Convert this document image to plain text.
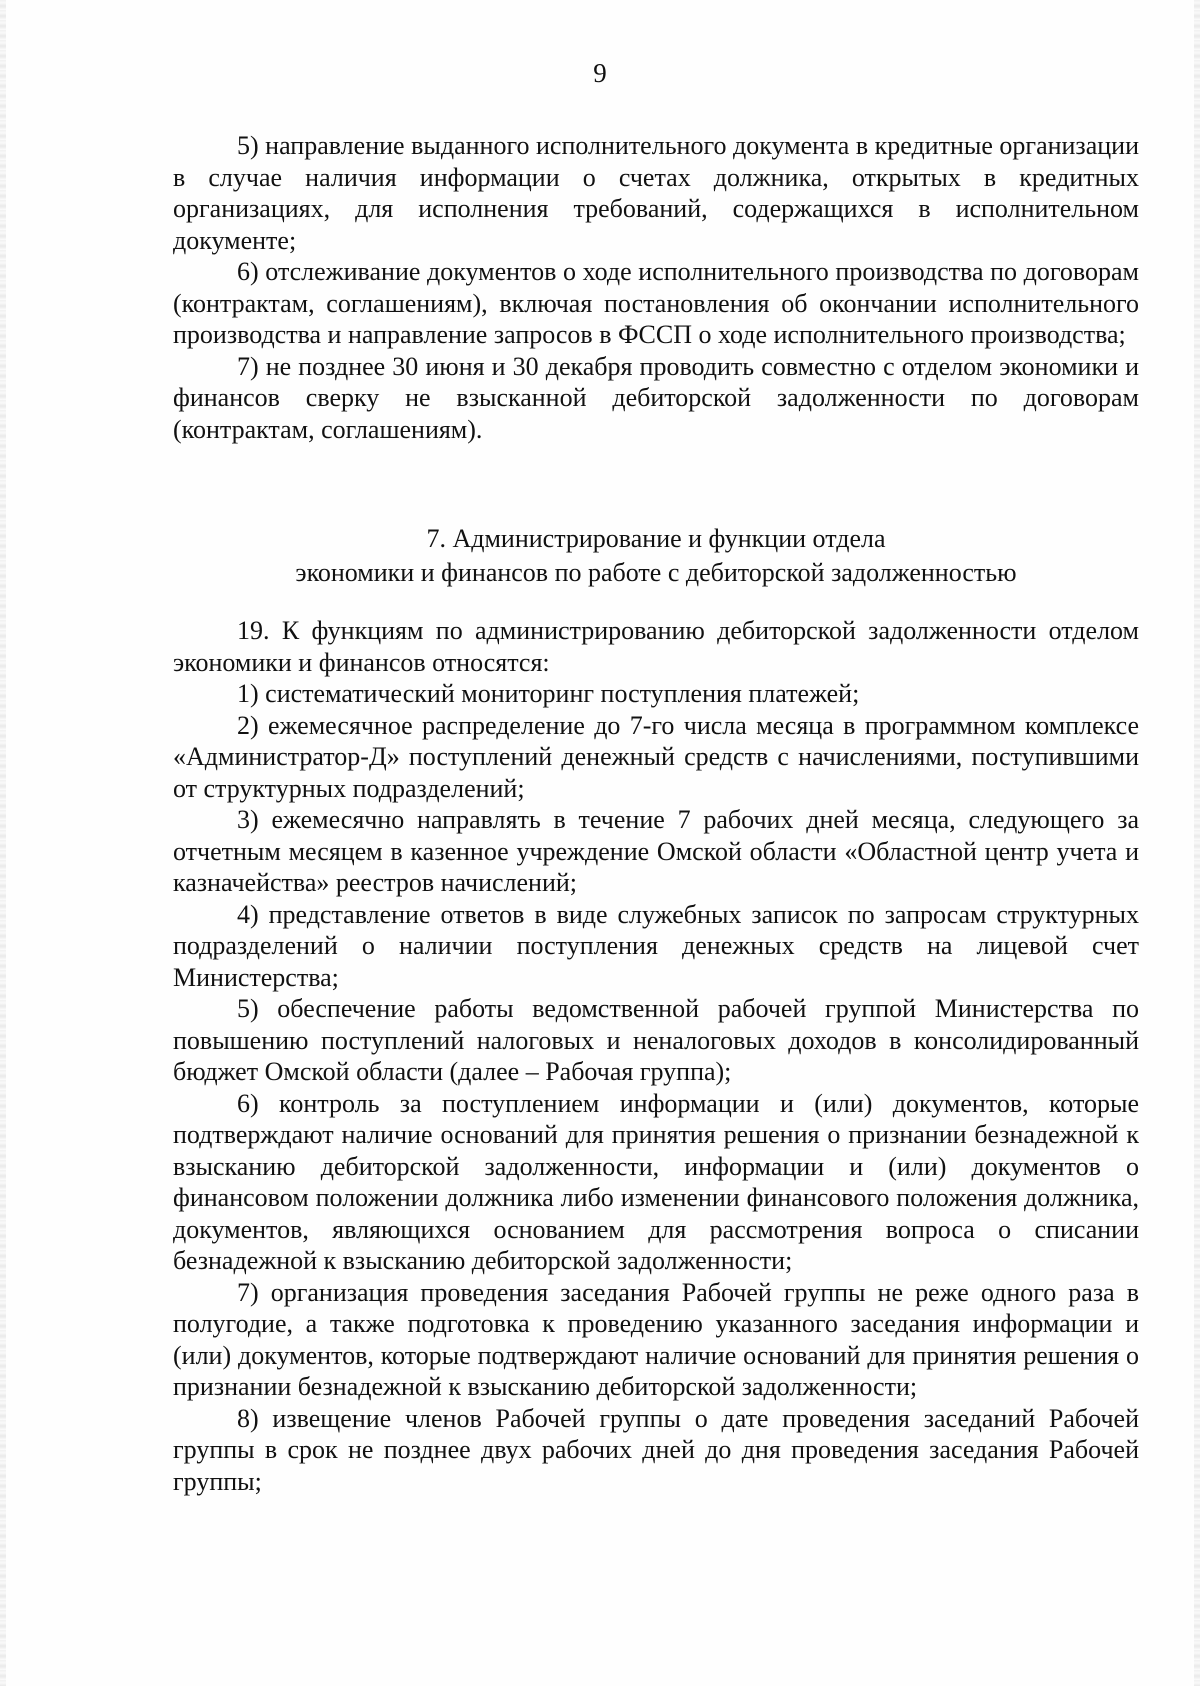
9

5) направление выданного исполнительного документа в кредитные организации в случае наличия информации о счетах должника, открытых в кредитных организациях, для исполнения требований, содержащихся в исполнительном документе;

6) отслеживание документов о ходе исполнительного производства по договорам (контрактам, соглашениям), включая постановления об окончании исполнительного производства и направление запросов в ФССП о ходе исполнительного производства;

7) не позднее 30 июня и 30 декабря проводить совместно с отделом экономики и финансов сверку не взысканной дебиторской задолженности по договорам (контрактам, соглашениям).

7. Администрирование и функции отдела
экономики и финансов по работе с дебиторской задолженностью

19. К функциям по администрированию дебиторской задолженности отделом экономики и финансов относятся:

1) систематический мониторинг поступления платежей;

2) ежемесячное распределение до 7-го числа месяца в программном комплексе «Администратор-Д» поступлений денежный средств с начислениями, поступившими от структурных подразделений;

3) ежемесячно направлять в течение 7 рабочих дней месяца, следующего за отчетным месяцем в казенное учреждение Омской области «Областной центр учета и казначейства» реестров начислений;

4) представление ответов в виде служебных записок по запросам структурных подразделений о наличии поступления денежных средств на лицевой счет Министерства;

5) обеспечение работы ведомственной рабочей группой Министерства по повышению поступлений налоговых и неналоговых доходов в консолидированный бюджет Омской области (далее – Рабочая группа);

6) контроль за поступлением информации и (или) документов, которые подтверждают наличие оснований для принятия решения о признании безнадежной к взысканию дебиторской задолженности, информации и (или) документов о финансовом положении должника либо изменении финансового положения должника, документов, являющихся основанием для рассмотрения вопроса о списании безнадежной к взысканию дебиторской задолженности;

7) организация проведения заседания Рабочей группы не реже одного раза в полугодие, а также подготовка к проведению указанного заседания информации и (или) документов, которые подтверждают наличие оснований для принятия решения о признании безнадежной к взысканию дебиторской задолженности;

8) извещение членов Рабочей группы о дате проведения заседаний Рабочей группы в срок не позднее двух рабочих дней до дня проведения заседания Рабочей группы;
